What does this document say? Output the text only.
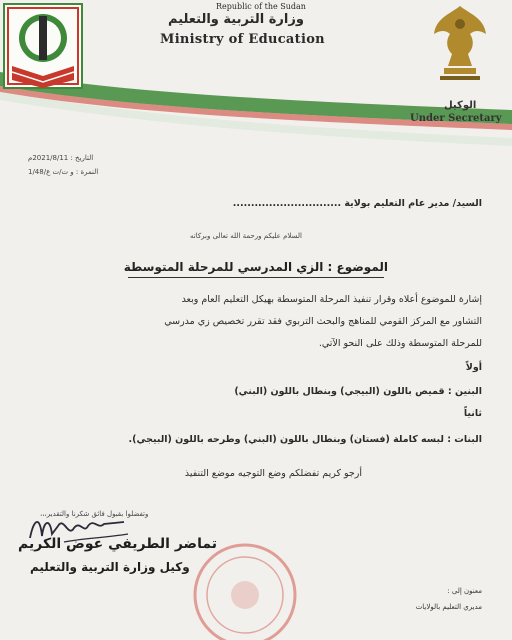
Republic of the Sudan
وزارة التربية والتعليم
Ministry of Education
الوكيل
Under Secretary
التاريخ : 2021/8/11م
النمرة : و ت/ت ع/1/48
السيد/ مدير عام التعليم بولاية ..............................
السلام عليكم ورحمة الله تعالى وبركاته
الموضوع : الزي المدرسي للمرحلة المتوسطة
إشارة للموضوع أعلاه وقرار تنفيذ المرحلة المتوسطة بهيكل التعليم العام وبعد
التشاور مع المركز القومي للمناهج والبحث التربوي فقد تقرر تخصيص زي مدرسي
للمرحلة المتوسطة وذلك على النحو الآتي.
أولاً
البنين : قميص باللون (البيجي) وبنطال باللون (البني)
ثانياً
البنات : لبسه كاملة (فستان) وبنطال باللون (البني) وطرحه باللون (البيجي).
أرجو كريم تفضلكم وضع التوجيه موضع التنفيذ
وتفضلوا بقبول فائق شكرنا والتقدير،،،
تماضر الطريفي عوض الكريم
وكيل وزارة التربية والتعليم
معنون إلى :
مديري التعليم بالولايات
